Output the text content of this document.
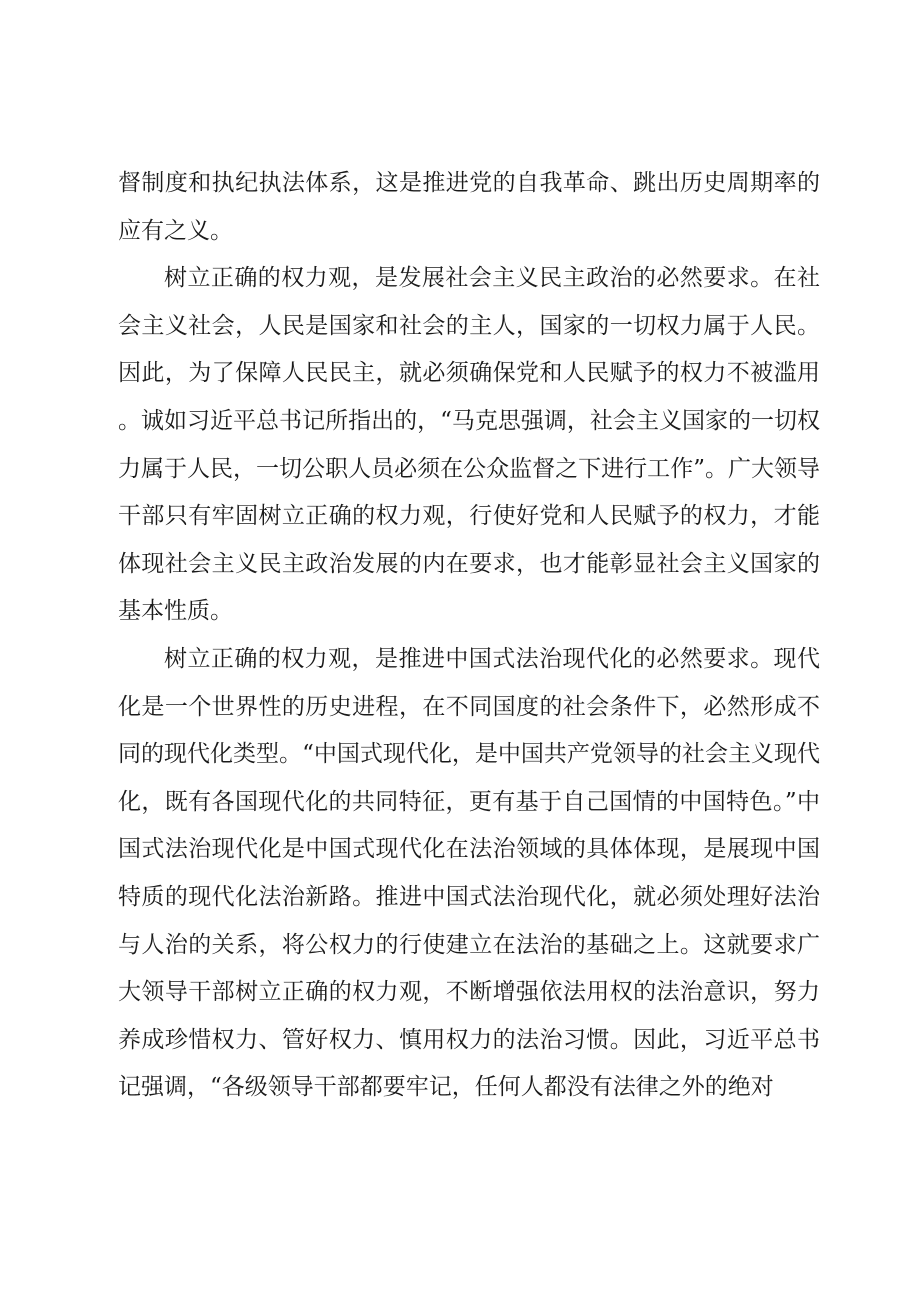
督制度和执纪执法体系，这是推进党的自我革命、跳出历史周期率的应有之义。

树立正确的权力观，是发展社会主义民主政治的必然要求。在社会主义社会，人民是国家和社会的主人，国家的一切权力属于人民。因此，为了保障人民民主，就必须确保党和人民赋予的权力不被滥用。诚如习近平总书记所指出的，“马克思强调，社会主义国家的一切权力属于人民，一切公职人员必须在公众监督之下进行工作”。广大领导干部只有牢固树立正确的权力观，行使好党和人民赋予的权力，才能体现社会主义民主政治发展的内在要求，也才能彰显社会主义国家的基本性质。

树立正确的权力观，是推进中国式法治现代化的必然要求。现代化是一个世界性的历史进程，在不同国度的社会条件下，必然形成不同的现代化类型。“中国式现代化，是中国共产党领导的社会主义现代化，既有各国现代化的共同特征，更有基于自己国情的中国特色。”中国式法治现代化是中国式现代化在法治领域的具体体现，是展现中国特质的现代化法治新路。推进中国式法治现代化，就必须处理好法治与人治的关系，将公权力的行使建立在法治的基础之上。这就要求广大领导干部树立正确的权力观，不断增强依法用权的法治意识，努力养成珍惜权力、管好权力、慎用权力的法治习惯。因此，习近平总书记强调，“各级领导干部都要牢记，任何人都没有法律之外的绝对
